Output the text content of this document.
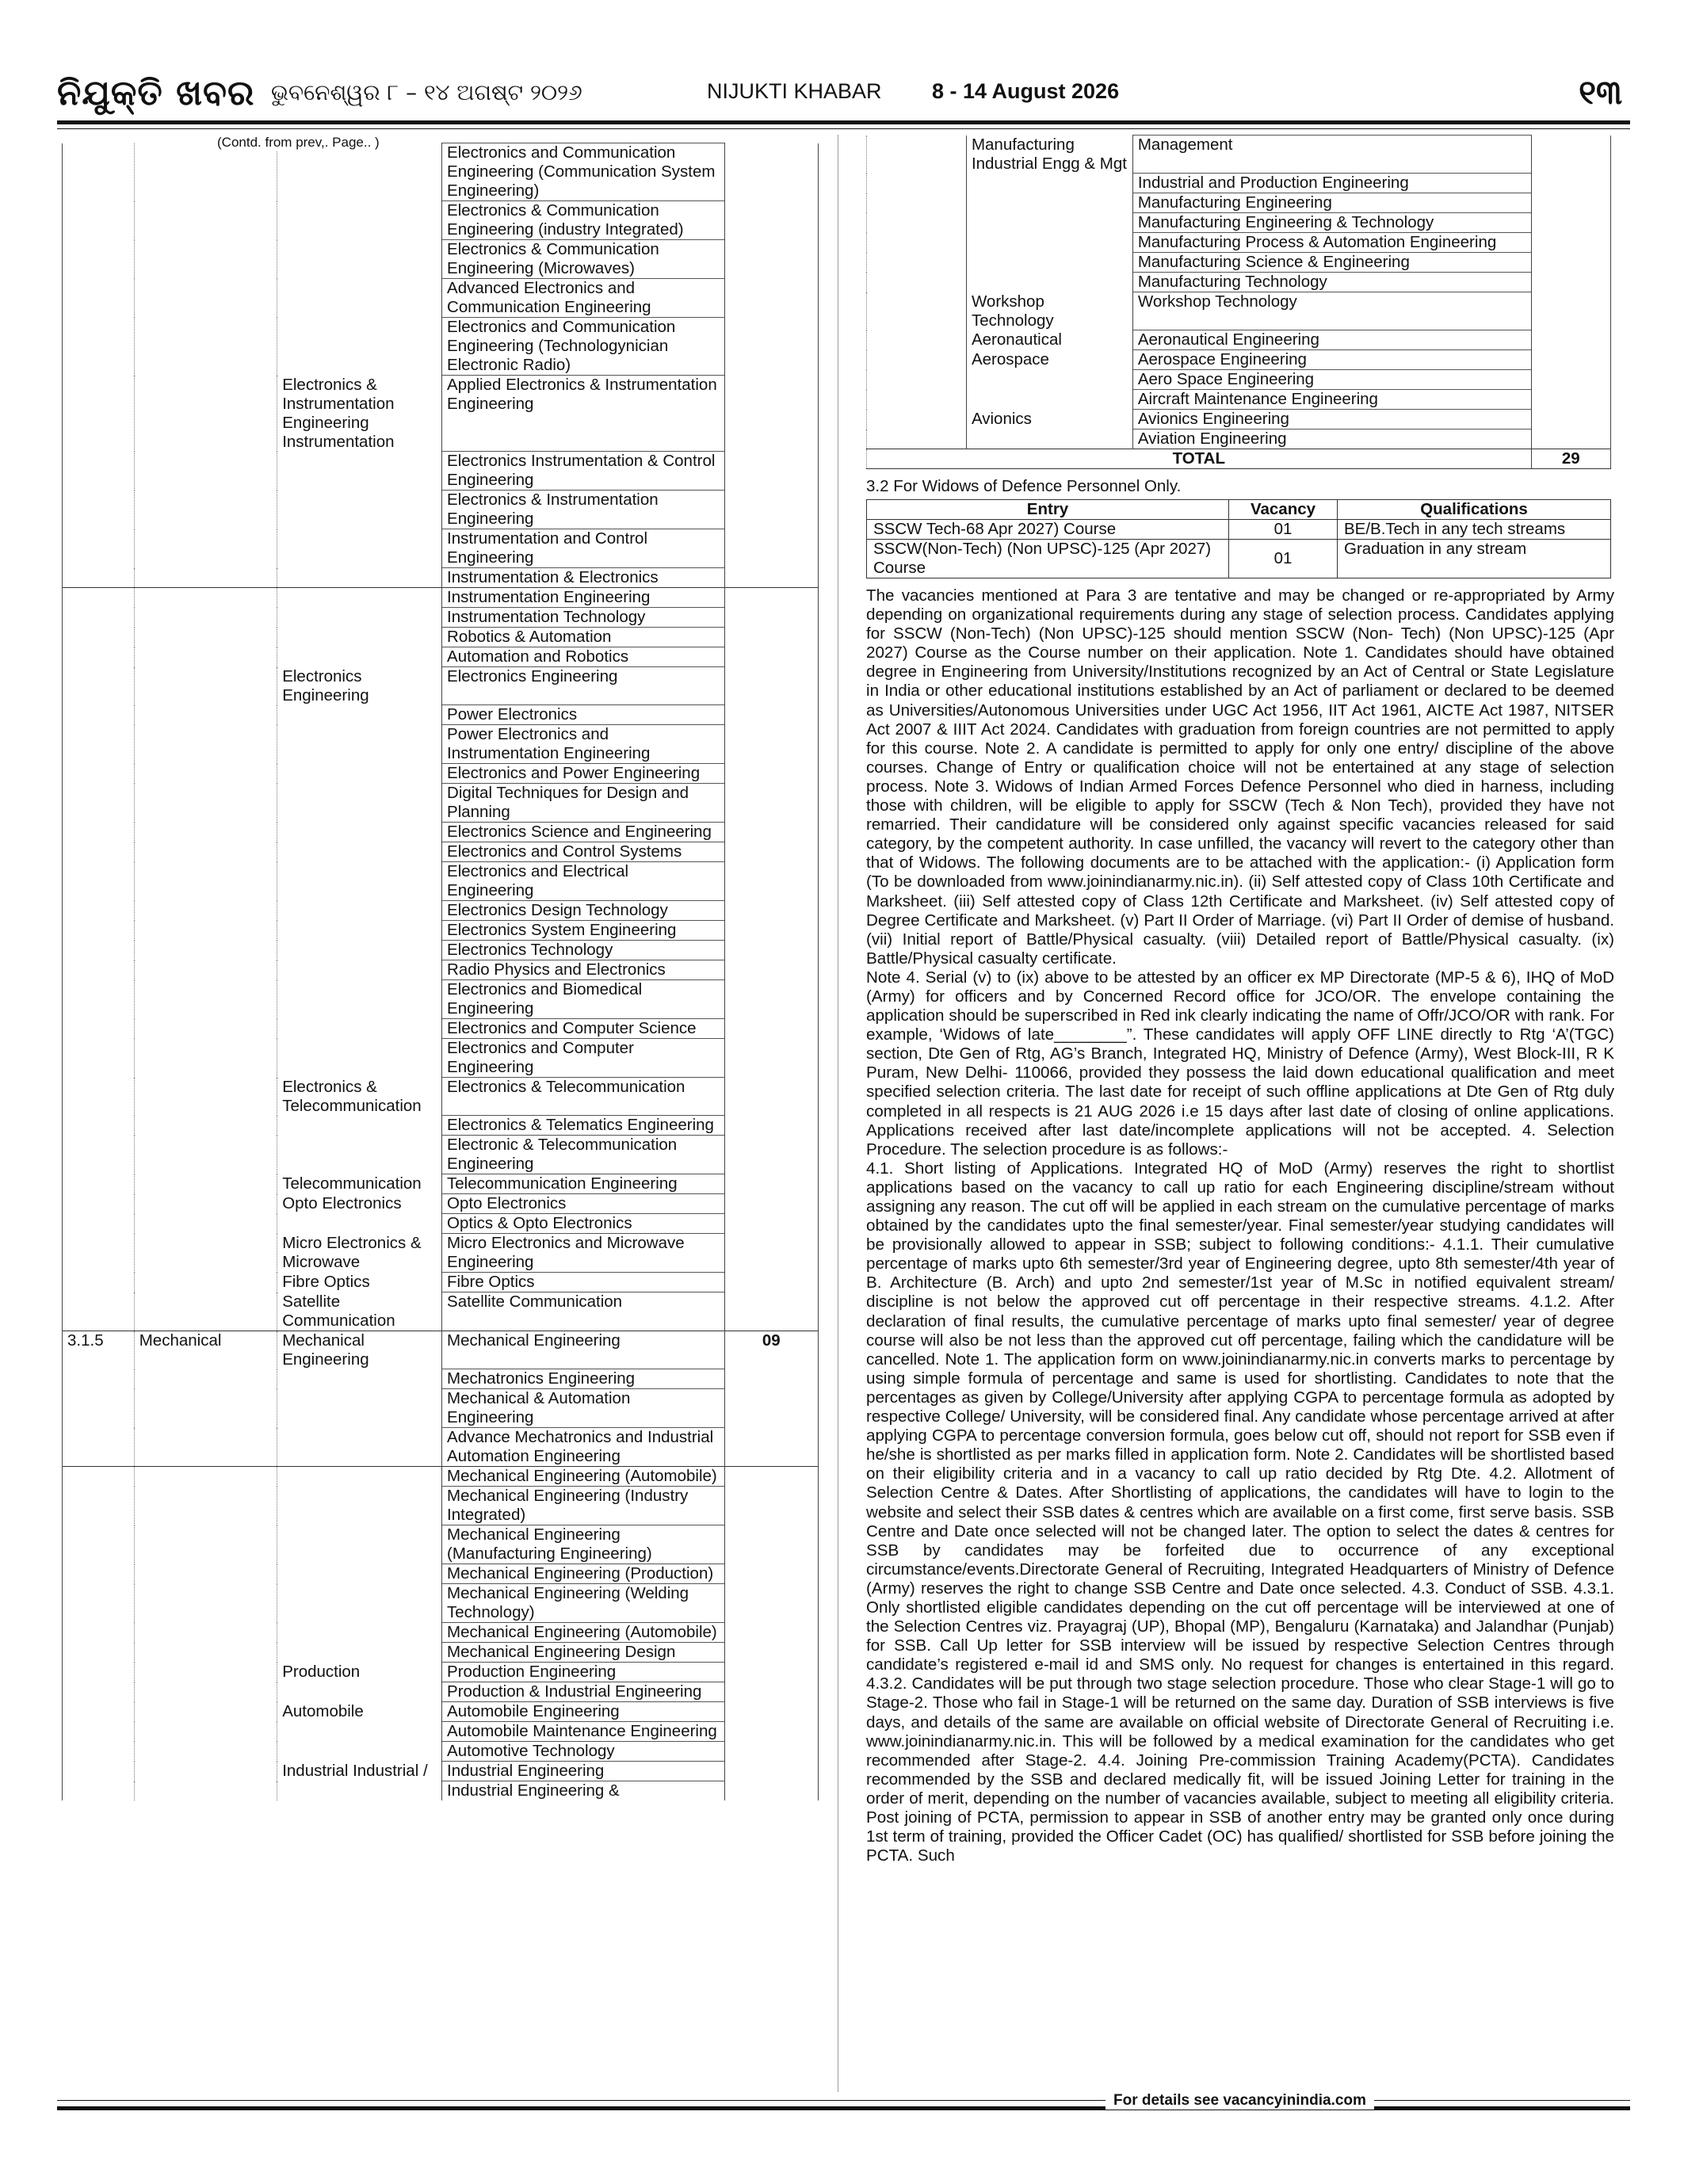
ନିଯୁକ୍ତି ଖବର ଭୁବନେଶ୍ୱର ୮ – ୧୪ ଅଗଷ୍ଟ ୨୦୨୬	NIJUKTI KHABAR 8 - 14 August 2026	୧୩
(Contd. from prev,. Page.. )
			Electronics and Communication Engineering (Communication System Engineering)	
			Electronics & Communication Engineering (industry Integrated)	
			Electronics & Communication Engineering (Microwaves)	
			Advanced Electronics and Communication Engineering	
			Electronics and Communication Engineering (Technologynician Electronic Radio)	
		Electronics & Instrumentation Engineering Instrumentation	Applied Electronics & Instrumentation Engineering	
			Electronics Instrumentation & Control Engineering	
			Electronics & Instrumentation Engineering	
			Instrumentation and Control Engineering	
			Instrumentation & Electronics	
			Instrumentation Engineering	
			Instrumentation Technology	
			Robotics & Automation	
			Automation and Robotics	
		Electronics Engineering	Electronics Engineering	
			Power Electronics	
			Power Electronics and Instrumentation Engineering	
			Electronics and Power Engineering	
			Digital Techniques for Design and Planning	
			Electronics Science and Engineering	
			Electronics and Control Systems	
			Electronics and Electrical Engineering	
			Electronics Design Technology	
			Electronics System Engineering	
			Electronics Technology	
			Radio Physics and Electronics	
			Electronics and Biomedical Engineering	
			Electronics and Computer Science	
			Electronics and Computer Engineering	
		Electronics & Telecommunication	Electronics & Telecommunication	
			Electronics & Telematics Engineering	
			Electronic & Telecommunication Engineering	
		Telecommunication	Telecommunication Engineering	
		Opto Electronics	Opto Electronics	
			Optics & Opto Electronics	
		Micro Electronics & Microwave	Micro Electronics and Microwave Engineering	
		Fibre Optics	Fibre Optics	
		Satellite Communication	Satellite Communication	
3.1.5	Mechanical	Mechanical Engineering	Mechanical Engineering	09
			Mechatronics Engineering	
			Mechanical & Automation Engineering	
			Advance Mechatronics and Industrial Automation Engineering	
			Mechanical Engineering (Automobile)	
			Mechanical Engineering (Industry Integrated)	
			Mechanical Engineering (Manufacturing Engineering)	
			Mechanical Engineering (Production)	
			Mechanical Engineering (Welding Technology)	
			Mechanical Engineering (Automobile)	
			Mechanical Engineering Design	
		Production	Production Engineering	
			Production & Industrial Engineering	
		Automobile	Automobile Engineering	
			Automobile Maintenance Engineering	
			Automotive Technology	
		Industrial Industrial /	Industrial Engineering	
			Industrial Engineering &	
	Manufacturing Industrial Engg & Mgt	Management	
		Industrial and Production Engineering	
		Manufacturing Engineering	
		Manufacturing Engineering & Technology	
		Manufacturing Process & Automation Engineering	
		Manufacturing Science & Engineering	
		Manufacturing Technology	
	Workshop Technology	Workshop Technology	
	Aeronautical	Aeronautical Engineering	
	Aerospace	Aerospace Engineering	
		Aero Space Engineering	
		Aircraft Maintenance Engineering	
	Avionics	Avionics Engineering	
		Aviation Engineering	
TOTAL			29
3.2 For Widows of Defence Personnel Only.
Entry	Vacancy	Qualifications
SSCW Tech-68 Apr 2027) Course	01	BE/B.Tech in any tech streams
SSCW(Non-Tech) (Non UPSC)-125 (Apr 2027) Course	01	Graduation in any stream

The vacancies mentioned at Para 3 are tentative and may be changed or re-appropriated by Army depending on organizational requirements during any stage of selection process. Candidates applying for SSCW (Non-Tech) (Non UPSC)-125 should mention SSCW (Non- Tech) (Non UPSC)-125 (Apr 2027) Course as the Course number on their application. Note 1. Candidates should have obtained degree in Engineering from University/Institutions recognized by an Act of Central or State Legislature in India or other educational institutions established by an Act of parliament or declared to be deemed as Universities/Autonomous Universities under UGC Act 1956, IIT Act 1961, AICTE Act 1987, NITSER Act 2007 & IIIT Act 2024. Candidates with graduation from foreign countries are not permitted to apply for this course. Note 2. A candidate is permitted to apply for only one entry/ discipline of the above courses. Change of Entry or qualification choice will not be entertained at any stage of selection process. Note 3. Widows of Indian Armed Forces Defence Personnel who died in harness, including those with children, will be eligible to apply for SSCW (Tech & Non Tech), provided they have not remarried. Their candidature will be considered only against specific vacancies released for said category, by the competent authority. In case unfilled, the vacancy will revert to the category other than that of Widows. The following documents are to be attached with the application:- (i) Application form (To be downloaded from www.joinindianarmy.nic.in). (ii) Self attested copy of Class 10th Certificate and Marksheet. (iii) Self attested copy of Class 12th Certificate and Marksheet. (iv) Self attested copy of Degree Certificate and Marksheet. (v) Part II Order of Marriage. (vi) Part II Order of demise of husband. (vii) Initial report of Battle/Physical casualty. (viii) Detailed report of Battle/Physical casualty. (ix) Battle/Physical casualty certificate.

Note 4. Serial (v) to (ix) above to be attested by an officer ex MP Directorate (MP-5 & 6), IHQ of MoD (Army) for officers and by Concerned Record office for JCO/OR. The envelope containing the application should be superscribed in Red ink clearly indicating the name of Offr/JCO/OR with rank. For example, ‘Widows of late________”. These candidates will apply OFF LINE directly to Rtg ‘A’(TGC) section, Dte Gen of Rtg, AG’s Branch, Integrated HQ, Ministry of Defence (Army), West Block-III, R K Puram, New Delhi- 110066, provided they possess the laid down educational qualification and meet specified selection criteria. The last date for receipt of such offline applications at Dte Gen of Rtg duly completed in all respects is 21 AUG 2026 i.e 15 days after last date of closing of online applications. Applications received after last date/incomplete applications will not be accepted. 4. Selection Procedure. The selection procedure is as follows:-

4.1. Short listing of Applications. Integrated HQ of MoD (Army) reserves the right to shortlist applications based on the vacancy to call up ratio for each Engineering discipline/stream without assigning any reason. The cut off will be applied in each stream on the cumulative percentage of marks obtained by the candidates upto the final semester/year. Final semester/year studying candidates will be provisionally allowed to appear in SSB; subject to following conditions:- 4.1.1. Their cumulative percentage of marks upto 6th semester/3rd year of Engineering degree, upto 8th semester/4th year of B. Architecture (B. Arch) and upto 2nd semester/1st year of M.Sc in notified equivalent stream/ discipline is not below the approved cut off percentage in their respective streams. 4.1.2. After declaration of final results, the cumulative percentage of marks upto final semester/ year of degree course will also be not less than the approved cut off percentage, failing which the candidature will be cancelled. Note 1. The application form on www.joinindianarmy.nic.in converts marks to percentage by using simple formula of percentage and same is used for shortlisting. Candidates to note that the percentages as given by College/University after applying CGPA to percentage formula as adopted by respective College/ University, will be considered final. Any candidate whose percentage arrived at after applying CGPA to percentage conversion formula, goes below cut off, should not report for SSB even if he/she is shortlisted as per marks filled in application form. Note 2. Candidates will be shortlisted based on their eligibility criteria and in a vacancy to call up ratio decided by Rtg Dte. 4.2. Allotment of Selection Centre & Dates. After Shortlisting of applications, the candidates will have to login to the website and select their SSB dates & centres which are available on a first come, first serve basis. SSB Centre and Date once selected will not be changed later. The option to select the dates & centres for SSB by candidates may be forfeited due to occurrence of any exceptional circumstance/events.Directorate General of Recruiting, Integrated Headquarters of Ministry of Defence (Army) reserves the right to change SSB Centre and Date once selected. 4.3. Conduct of SSB. 4.3.1. Only shortlisted eligible candidates depending on the cut off percentage will be interviewed at one of the Selection Centres viz. Prayagraj (UP), Bhopal (MP), Bengaluru (Karnataka) and Jalandhar (Punjab) for SSB. Call Up letter for SSB interview will be issued by respective Selection Centres through candidate’s registered e-mail id and SMS only. No request for changes is entertained in this regard. 4.3.2. Candidates will be put through two stage selection procedure. Those who clear Stage-1 will go to Stage-2. Those who fail in Stage-1 will be returned on the same day. Duration of SSB interviews is five days, and details of the same are available on official website of Directorate General of Recruiting i.e. www.joinindianarmy.nic.in. This will be followed by a medical examination for the candidates who get recommended after Stage-2. 4.4. Joining Pre-commission Training Academy(PCTA). Candidates recommended by the SSB and declared medically fit, will be issued Joining Letter for training in the order of merit, depending on the number of vacancies available, subject to meeting all eligibility criteria. Post joining of PCTA, permission to appear in SSB of another entry may be granted only once during 1st term of training, provided the Officer Cadet (OC) has qualified/ shortlisted for SSB before joining the PCTA. Such

For details see vacancyinindia.com
